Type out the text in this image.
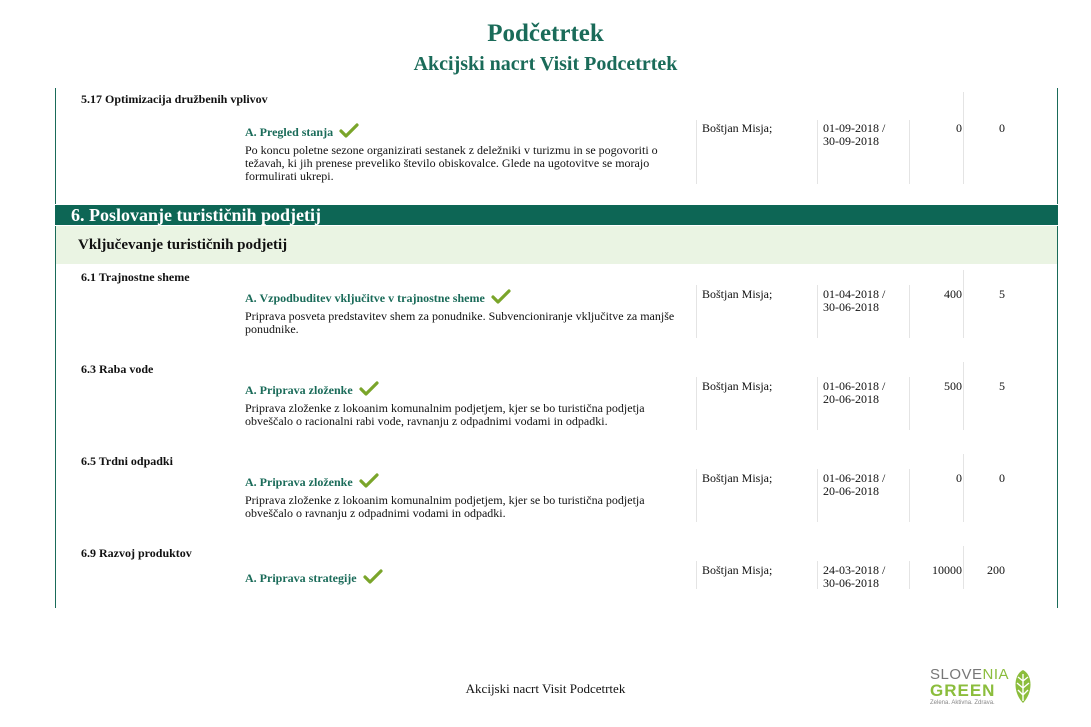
Podčetrtek
Akcijski nacrt Visit Podcetrtek
5.17 Optimizacija družbenih vplivov
A. Pregled stanja
Po koncu poletne sezone organizirati sestanek z deležniki v turizmu in se pogovoriti o težavah, ki jih prenese preveliko število obiskovalce. Glede na ugotovitve se morajo formulirati ukrepi.
Boštjan Misja;	01-09-2018 /
30-09-2018
0	0
6. Poslovanje turističnih podjetij
Vključevanje turističnih podjetij
6.1 Trajnostne sheme
A. Vzpodbuditev vključitve v trajnostne sheme
Priprava posveta predstavitev shem za ponudnike. Subvencioniranje vključitve za manjše ponudnike.
Boštjan Misja;	01-04-2018 /
30-06-2018
400	5
6.3 Raba vode
A. Priprava zloženke
Priprava zloženke z lokoanim komunalnim podjetjem, kjer se bo turistična podjetja obveščalo o racionalni rabi vode, ravnanju z odpadnimi vodami in odpadki.
Boštjan Misja;	01-06-2018 /
20-06-2018
500	5
6.5 Trdni odpadki
A. Priprava zloženke
Priprava zloženke z lokoanim komunalnim podjetjem, kjer se bo turistična podjetja obveščalo o ravnanju z odpadnimi vodami in odpadki.
Boštjan Misja;	01-06-2018 /
20-06-2018
0	0
6.9 Razvoj produktov
A. Priprava strategije
Boštjan Misja;	24-03-2018 /
30-06-2018
10000	200
Akcijski nacrt Visit Podcetrtek
SLOVENIA
GREEN
Zelena. Aktivna. Zdrava.
